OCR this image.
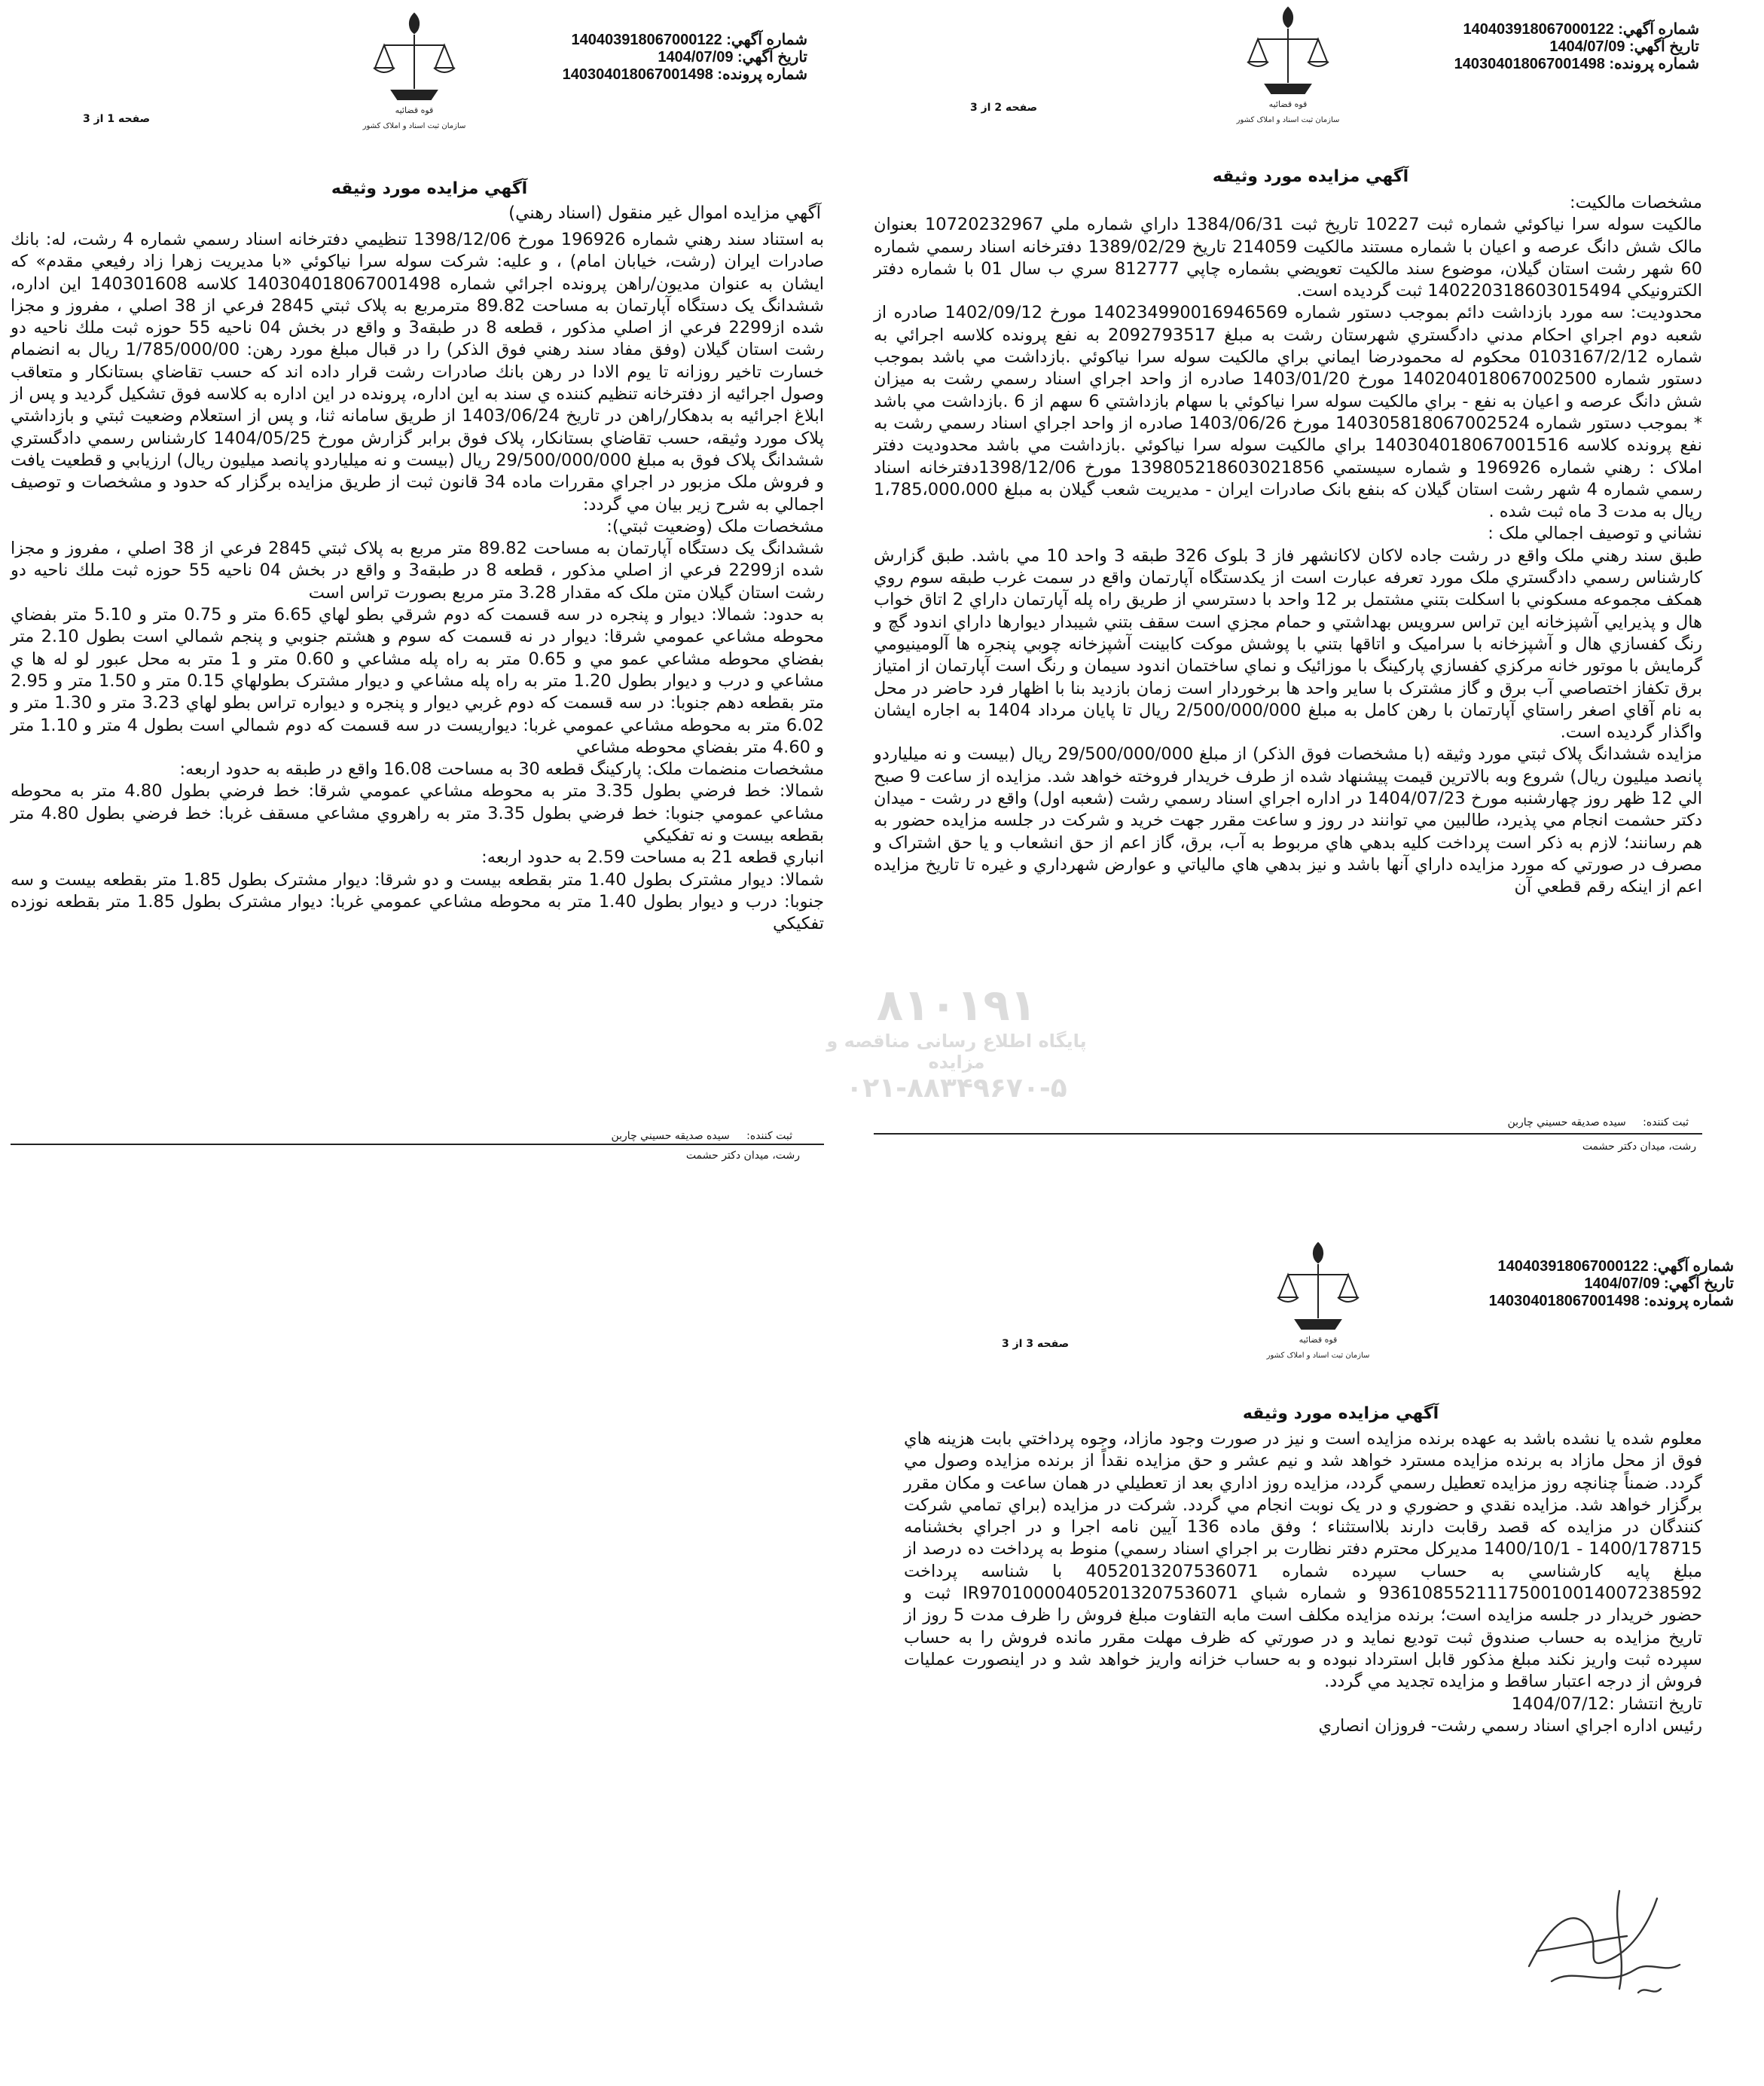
قوه قضائيه
سازمان ثبت اسناد و املاک کشور
شماره آگهي: 140403918067000122
تاريخ آگهي: 1404/07/09
شماره پرونده: 140304018067001498
صفحه 1 از 3
آگهي مزايده مورد وثيقه
آگهي مزايده اموال غير منقول (اسناد رهني)

به استناد سند رهني شماره 196926 مورخ 1398/12/06 تنظيمي دفترخانه اسناد رسمي شماره 4 رشت، له: بانك صادرات ايران (رشت، خيابان امام) ، و عليه: شركت سوله سرا نياكوئي «با مديريت زهرا زاد رفيعي مقدم» كه ايشان به عنوان مديون/راهن پرونده اجرائي شماره 140304018067001498 كلاسه 140301608 اين اداره، ششدانگ يک دستگاه آپارتمان به مساحت 89.82 مترمربع به پلاک ثبتي 2845 فرعي از 38 اصلي ، مفروز و مجزا شده از2299 فرعي از اصلي مذكور ، قطعه 8 در طبقه3 و واقع در بخش 04 ناحيه 55 حوزه ثبت ملك ناحيه دو رشت استان گيلان (وفق مفاد سند رهني فوق الذكر) را در قبال مبلغ مورد رهن: 1/785/000/00 ريال به انضمام خسارت تاخير روزانه تا يوم الادا در رهن بانك صادرات رشت قرار داده اند كه حسب تقاضاي بستانكار و متعاقب وصول اجرائيه از دفترخانه تنظيم كننده ي سند به اين اداره، پرونده در اين اداره به كلاسه فوق تشكيل گرديد و پس از ابلاغ اجرائيه به بدهكار/راهن در تاريخ 1403/06/24 از طريق سامانه ثنا، و پس از استعلام وضعيت ثبتي و بازداشتي پلاک مورد وثيقه، حسب تقاضاي بستانكار، پلاک فوق برابر گزارش مورخ 1404/05/25 كارشناس رسمي دادگستري ششدانگ پلاک فوق به مبلغ 29/500/000/000 ريال (بيست و نه ميلياردو پانصد ميليون ريال) ارزيابي و قطعيت يافت و فروش ملک مزبور در اجراي مقررات ماده 34 قانون ثبت از طريق مزايده برگزار كه حدود و مشخصات و توصيف اجمالي به شرح زير بيان مي گردد:

مشخصات ملک (وضعيت ثبتي):

ششدانگ يک دستگاه آپارتمان به مساحت 89.82 متر مربع به پلاک ثبتي 2845 فرعي از 38 اصلي ، مفروز و مجزا شده از2299 فرعي از اصلي مذكور ، قطعه 8 در طبقه3 و واقع در بخش 04 ناحيه 55 حوزه ثبت ملك ناحيه دو رشت استان گيلان متن ملک كه مقدار 3.28 متر مربع بصورت تراس است

به حدود: شمالا: ديوار و پنجره در سه قسمت كه دوم شرقي بطو لهاي 6.65 متر و 0.75 متر و 5.10 متر بفضاي محوطه مشاعي عمومي شرقا: ديوار در نه قسمت كه سوم و هشتم جنوبي و پنجم شمالي است بطول 2.10 متر بفضاي محوطه مشاعي عمو مي و 0.65 متر به راه پله مشاعي و 0.60 متر و 1 متر به محل عبور لو له ها ي مشاعي و درب و ديوار بطول 1.20 متر به راه پله مشاعي و ديوار مشترک بطولهاي 0.15 متر و 1.50 متر و 2.95 متر بقطعه دهم جنوبا: در سه قسمت كه دوم غربي ديوار و پنجره و ديواره تراس بطو لهاي 3.23 متر و 1.30 متر و 6.02 متر به محوطه مشاعي عمومي غربا: ديواريست در سه قسمت كه دوم شمالي است بطول 4 متر و 1.10 متر و 4.60 متر بفضاي محوطه مشاعي

مشخصات منضمات ملک: پاركينگ قطعه 30 به مساحت 16.08 واقع در طبقه به حدود اربعه:

شمالا: خط فرضي بطول 3.35 متر به محوطه مشاعي عمومي شرقا: خط فرضي بطول 4.80 متر به محوطه مشاعي عمومي جنوبا: خط فرضي بطول 3.35 متر به راهروي مشاعي مسقف غربا: خط فرضي بطول 4.80 متر بقطعه بيست و نه تفكيكي

انباري قطعه 21 به مساحت 2.59 به حدود اربعه:

شمالا: ديوار مشترک بطول 1.40 متر بقطعه بيست و دو شرقا: ديوار مشترک بطول 1.85 متر بقطعه بيست و سه جنوبا: درب و ديوار بطول 1.40 متر به محوطه مشاعي عمومي غربا: ديوار مشترک بطول 1.85 متر بقطعه نوزده تفكيكي

ثبت كننده: سيده صديقه حسيني چاربن
رشت، ميدان دكتر حشمت
۸۱۰۱۹۱
پایگاه اطلاع رسانی مناقصه و مزایده
۰۲۱-۸۸۳۴۹۶۷۰-۵
قوه قضائيه
سازمان ثبت اسناد و املاک کشور
شماره آگهي: 140403918067000122
تاريخ آگهي: 1404/07/09
شماره پرونده: 140304018067001498
صفحه 2 از 3
آگهي مزايده مورد وثيقه

مشخصات مالكيت:

مالكيت سوله سرا نياكوئي شماره ثبت 10227 تاريخ ثبت 1384/06/31 داراي شماره ملي 10720232967 بعنوان مالک شش دانگ عرصه و اعيان با شماره مستند مالكيت 214059 تاريخ 1389/02/29 دفترخانه اسناد رسمي شماره 60 شهر رشت استان گيلان، موضوع سند مالكيت تعويضي بشماره چاپي 812777 سري ب سال 01 با شماره دفتر الكترونيكي 140220318603015494 ثبت گرديده است.

محدوديت: سه مورد بازداشت دائم بموجب دستور شماره 140234990016946569 مورخ 1402/09/12 صادره از شعبه دوم اجراي احكام مدني دادگستري شهرستان رشت به مبلغ 2092793517 به نفع پرونده كلاسه اجرائي به شماره 0103167/2/12 محكوم له محمودرضا ايماني براي مالكيت سوله سرا نياكوئي .بازداشت مي باشد بموجب دستور شماره 140204018067002500 مورخ 1403/01/20 صادره از واحد اجراي اسناد رسمي رشت به ميزان شش دانگ عرصه و اعيان به نفع - براي مالكيت سوله سرا نياكوئي با سهام بازداشتي 6 سهم از 6 .بازداشت مي باشد * بموجب دستور شماره 140305818067002524 مورخ 1403/06/26 صادره از واحد اجراي اسناد رسمي رشت به نفع پرونده كلاسه 140304018067001516 براي مالكيت سوله سرا نياكوئي .بازداشت مي باشد محدوديت دفتر املاک : رهني شماره 196926 و شماره سيستمي 139805218603021856 مورخ 1398/12/06دفترخانه اسناد رسمي شماره 4 شهر رشت استان گيلان كه بنفع بانک صادرات ايران - مديريت شعب گيلان به مبلغ 1،785،000،000 ريال به مدت 3 ماه ثبت شده .

نشاني و توصيف اجمالي ملک :

طبق سند رهني ملک واقع در رشت جاده لاكان لاكانشهر فاز 3 بلوک 326 طبقه 3 واحد 10 مي باشد. طبق گزارش كارشناس رسمي دادگستري ملک مورد تعرفه عبارت است از يكدستگاه آپارتمان واقع در سمت غرب طبقه سوم روي همكف مجموعه مسكوني با اسكلت بتني مشتمل بر 12 واحد با دسترسي از طريق راه پله آپارتمان داراي 2 اتاق خواب هال و پذيرايي آشپزخانه اين تراس سرويس بهداشتي و حمام مجزي است سقف بتني شيبدار ديوارها داراي اندود گچ و رنگ كفسازي هال و آشپزخانه با سراميک و اتاقها بتني با پوشش موكت كابينت آشپزخانه چوبي پنجره ها آلومينيومي گرمايش با موتور خانه مركزي كفسازي پاركينگ با موزائيک و نماي ساختمان اندود سيمان و رنگ است آپارتمان از امتياز برق تكفاز اختصاصي آب برق و گاز مشترک با ساير واحد ها برخوردار است زمان بازديد بنا با اظهار فرد حاضر در محل به نام آقاي اصغر راستاي آپارتمان با رهن كامل به مبلغ 2/500/000/000 ريال تا پايان مرداد 1404 به اجاره ايشان واگذار گرديده است.

مزايده ششدانگ پلاک ثبتي مورد وثيقه (با مشخصات فوق الذكر) از مبلغ 29/500/000/000 ريال (بيست و نه ميلياردو پانصد ميليون ريال) شروع وبه بالاترين قيمت پيشنهاد شده از طرف خريدار فروخته خواهد شد. مزايده از ساعت 9 صبح الي 12 ظهر روز چهارشنبه مورخ 1404/07/23 در اداره اجراي اسناد رسمي رشت (شعبه اول) واقع در رشت - ميدان دكتر حشمت انجام مي پذيرد، طالبين مي توانند در روز و ساعت مقرر جهت خريد و شركت در جلسه مزايده حضور به هم رسانند؛ لازم به ذكر است پرداخت كليه بدهي هاي مربوط به آب، برق، گاز اعم از حق انشعاب و يا حق اشتراک و مصرف در صورتي كه مورد مزايده داراي آنها باشد و نيز بدهي هاي مالياتي و عوارض شهرداري و غيره تا تاريخ مزايده اعم از اينكه رقم قطعي آن

ثبت كننده: سيده صديقه حسيني چاربن
رشت، ميدان دكتر حشمت
قوه قضائيه
سازمان ثبت اسناد و املاک کشور
شماره آگهي: 140403918067000122
تاريخ آگهي: 1404/07/09
شماره پرونده: 140304018067001498
صفحه 3 از 3
آگهي مزايده مورد وثيقه

معلوم شده يا نشده باشد به عهده برنده مزايده است و نيز در صورت وجود مازاد، وجوه پرداختي بابت هزينه هاي فوق از محل مازاد به برنده مزايده مسترد خواهد شد و نيم عشر و حق مزايده نقداً از برنده مزايده وصول مي گردد. ضمناً چنانچه روز مزايده تعطيل رسمي گردد، مزايده روز اداري بعد از تعطيلي در همان ساعت و مكان مقرر برگزار خواهد شد. مزايده نقدي و حضوري و در يک نوبت انجام مي گردد. شركت در مزايده (براي تمامي شركت كنندگان در مزايده كه قصد رقابت دارند بلااستثناء ؛ وفق ماده 136 آيين نامه اجرا و در اجراي بخشنامه 1400/178715 - 1400/10/1 مديركل محترم دفتر نظارت بر اجراي اسناد رسمي) منوط به پرداخت ده درصد از مبلغ پايه كارشناسي به حساب سپرده شماره 4052013207536071 با شناسه پرداخت 936108552111750010014007238592 و شماره شباي IR970100004052013207536071 ثبت و حضور خريدار در جلسه مزايده است؛ برنده مزايده مكلف است مابه التفاوت مبلغ فروش را ظرف مدت 5 روز از تاريخ مزايده به حساب صندوق ثبت توديع نمايد و در صورتي كه ظرف مهلت مقرر مانده فروش را به حساب سپرده ثبت واريز نكند مبلغ مذكور قابل استرداد نبوده و به حساب خزانه واريز خواهد شد و در اينصورت عمليات فروش از درجه اعتبار ساقط و مزايده تجديد مي گردد.

تاريخ انتشار :1404/07/12

رئيس اداره اجراي اسناد رسمي رشت- فروزان انصاري
